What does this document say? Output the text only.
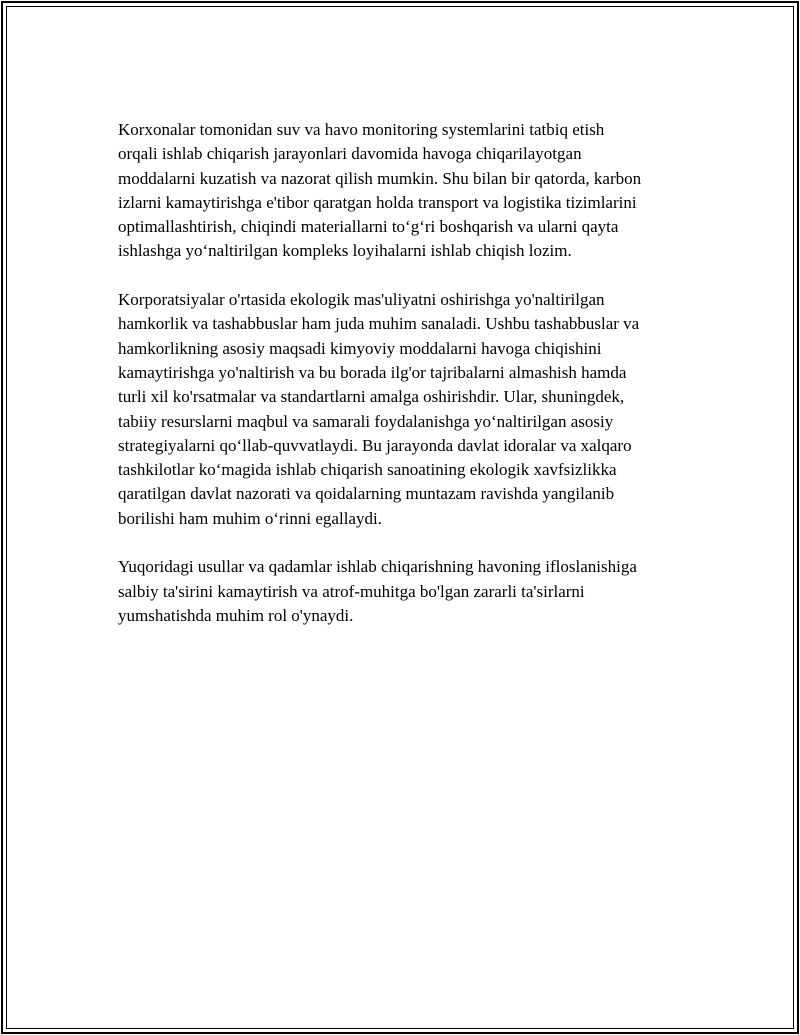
Korxonalar tomonidan suv va havo monitoring systemlarini tatbiq etish
orqali ishlab chiqarish jarayonlari davomida havoga chiqarilayotgan
moddalarni kuzatish va nazorat qilish mumkin. Shu bilan bir qatorda, karbon
izlarni kamaytirishga e'tibor qaratgan holda transport va logistika tizimlarini
optimallashtirish, chiqindi materiallarni to‘g‘ri boshqarish va ularni qayta
ishlashga yo‘naltirilgan kompleks loyihalarni ishlab chiqish lozim.

Korporatsiyalar o'rtasida ekologik mas'uliyatni oshirishga yo'naltirilgan
hamkorlik va tashabbuslar ham juda muhim sanaladi. Ushbu tashabbuslar va
hamkorlikning asosiy maqsadi kimyoviy moddalarni havoga chiqishini
kamaytirishga yo'naltirish va bu borada ilg'or tajribalarni almashish hamda
turli xil ko'rsatmalar va standartlarni amalga oshirishdir. Ular, shuningdek,
tabiiy resurslarni maqbul va samarali foydalanishga yo‘naltirilgan asosiy
strategiyalarni qo‘llab-quvvatlaydi. Bu jarayonda davlat idoralar va xalqaro
tashkilotlar ko‘magida ishlab chiqarish sanoatining ekologik xavfsizlikka
qaratilgan davlat nazorati va qoidalarning muntazam ravishda yangilanib
borilishi ham muhim o‘rinni egallaydi.

Yuqoridagi usullar va qadamlar ishlab chiqarishning havoning ifloslanishiga
salbiy ta'sirini kamaytirish va atrof-muhitga bo'lgan zararli ta'sirlarni
yumshatishda muhim rol o'ynaydi.
